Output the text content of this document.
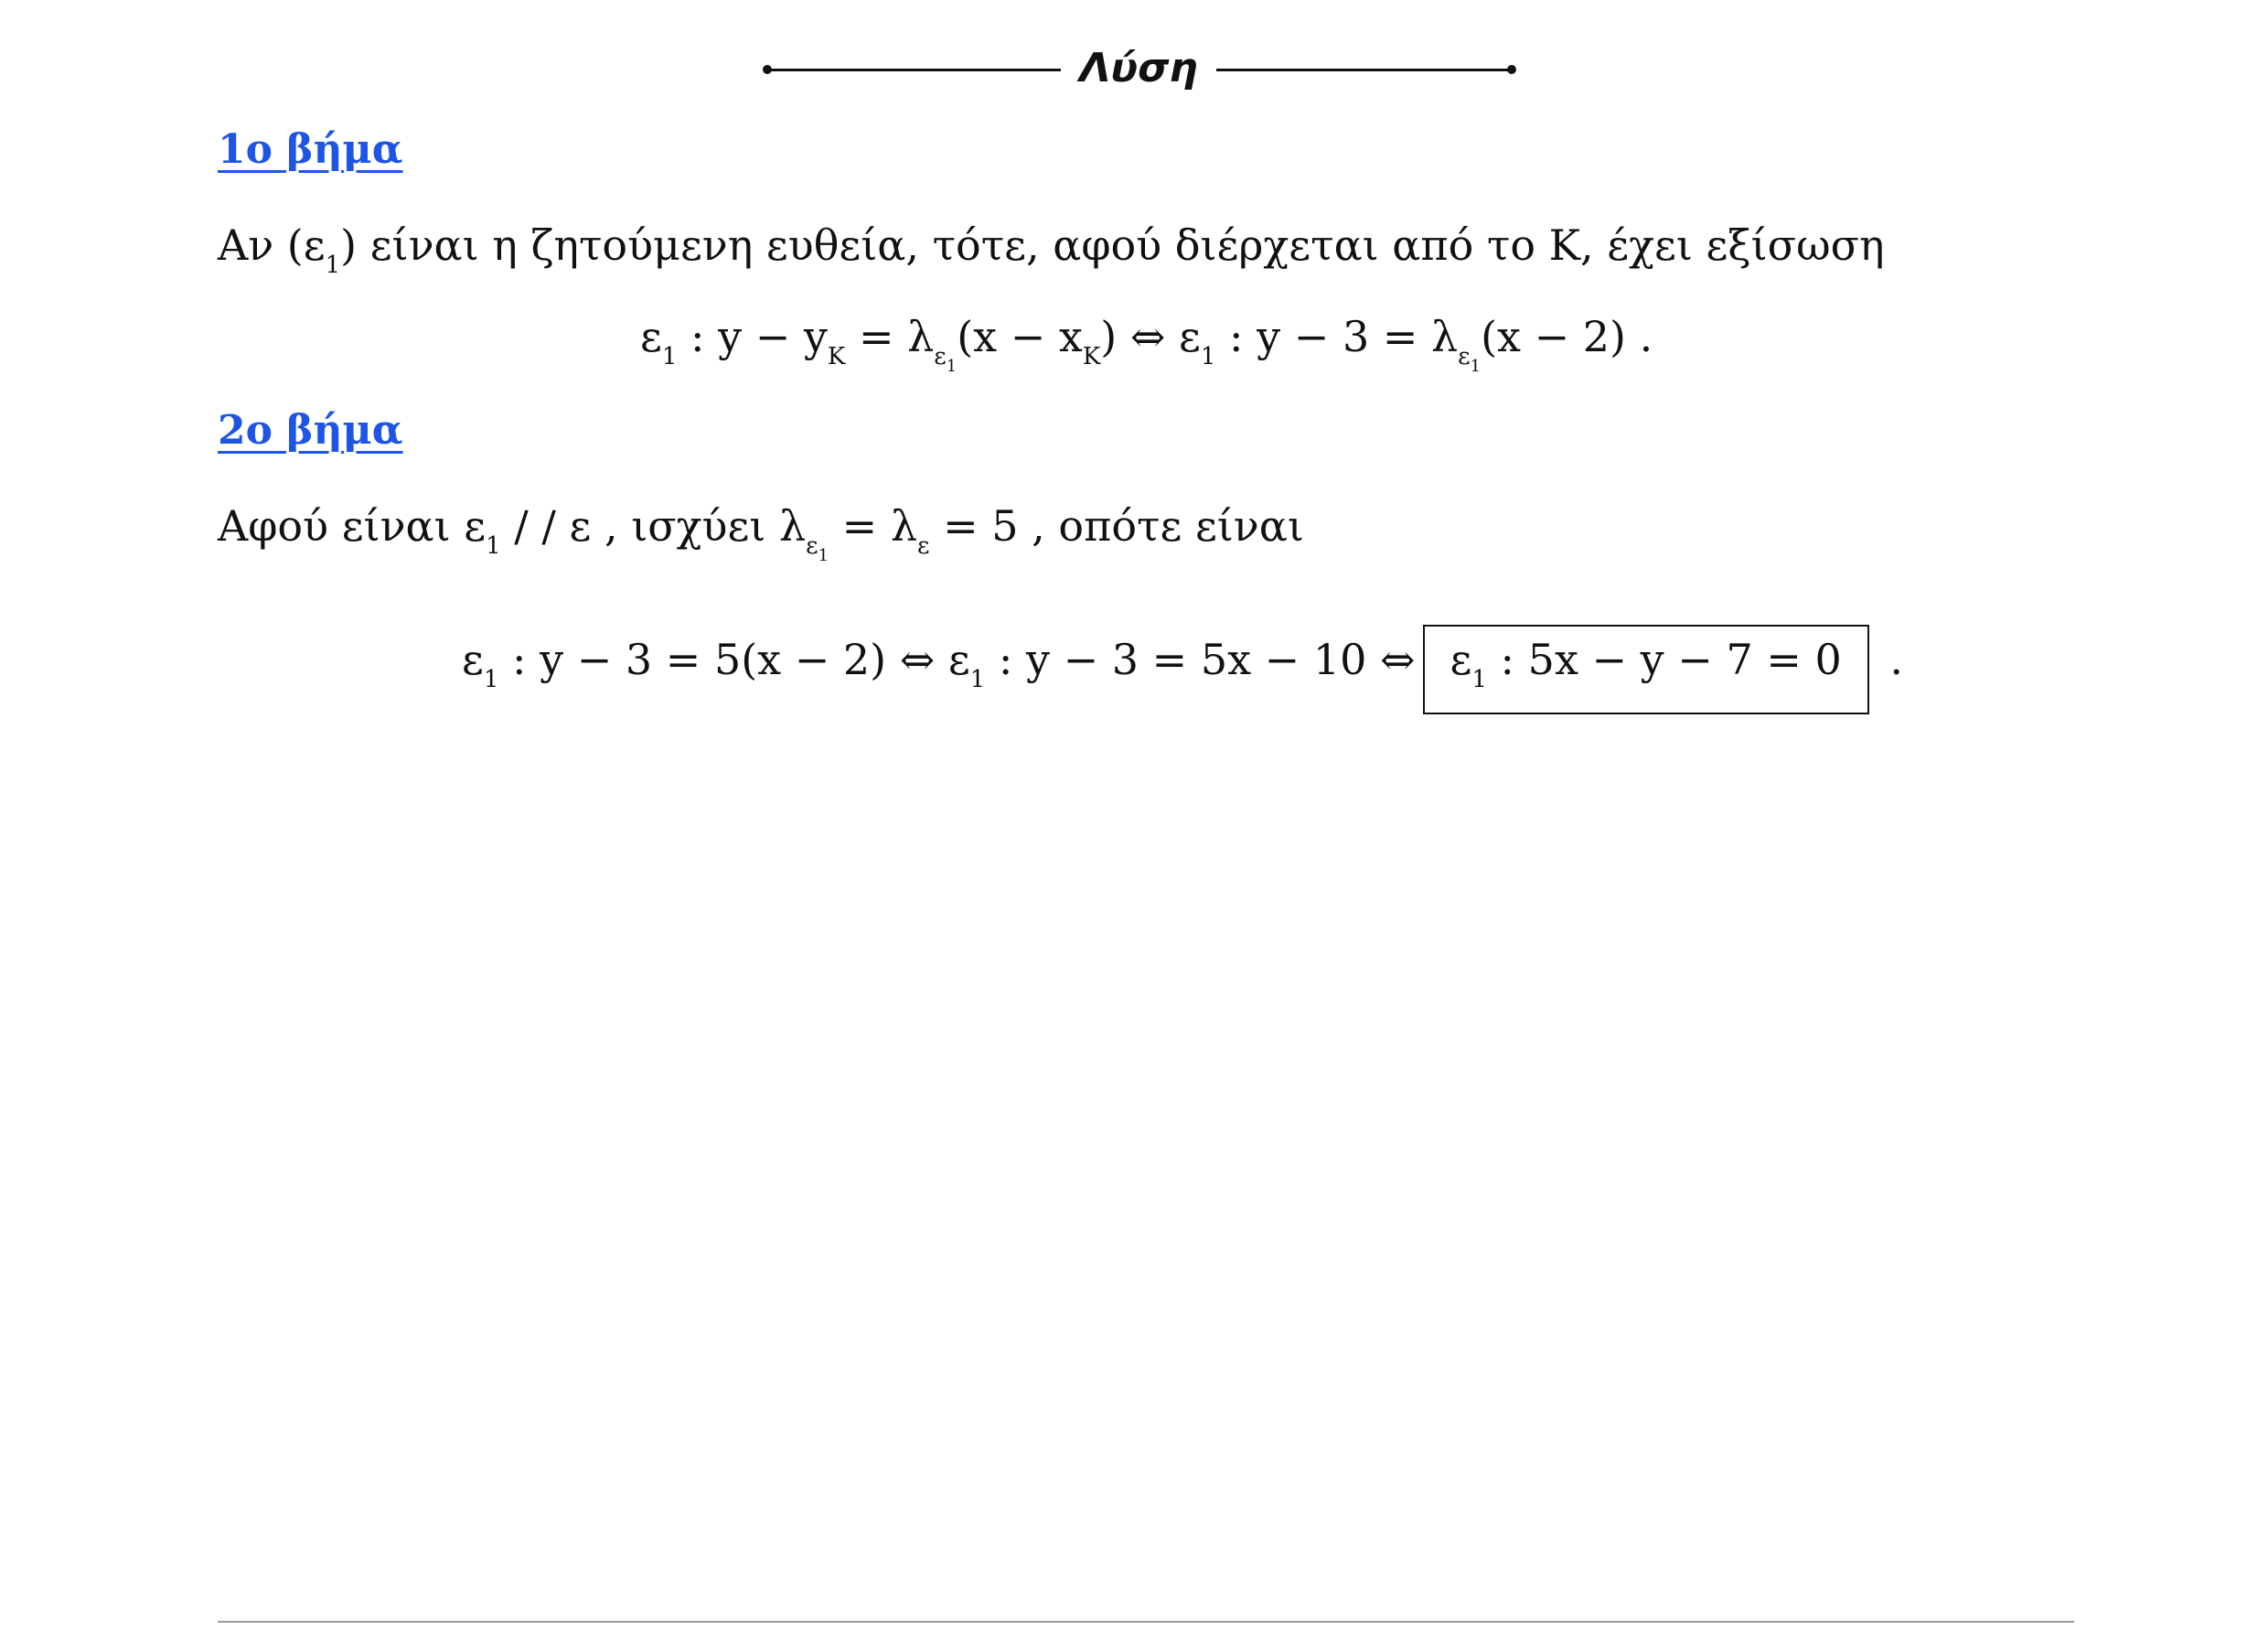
Λύση
1ο βήμα
Αν $(\varepsilon_1)$ είναι η ζητούμενη ευθεία, τότε, αφού διέρχεται από το Κ, έχει εξίσωση
$\varepsilon_1$ : $y - y_K = \lambda_{\varepsilon_1}(x - x_K)$ ⇔ $\varepsilon_1$ : $y - 3 = \lambda_{\varepsilon_1}(x - 2)$ .
2ο βήμα
Αφού είναι $\varepsilon_1$ / / ε , ισχύει $\lambda_{\varepsilon_1} = \lambda_\varepsilon = 5$ , οπότε είναι
$\varepsilon_1$ : y − 3 = 5(x − 2) ⇔ $\varepsilon_1$ : y − 3 = 5x − 10 ⇔ $\varepsilon_1$ : 5x − y − 7 = 0 .
